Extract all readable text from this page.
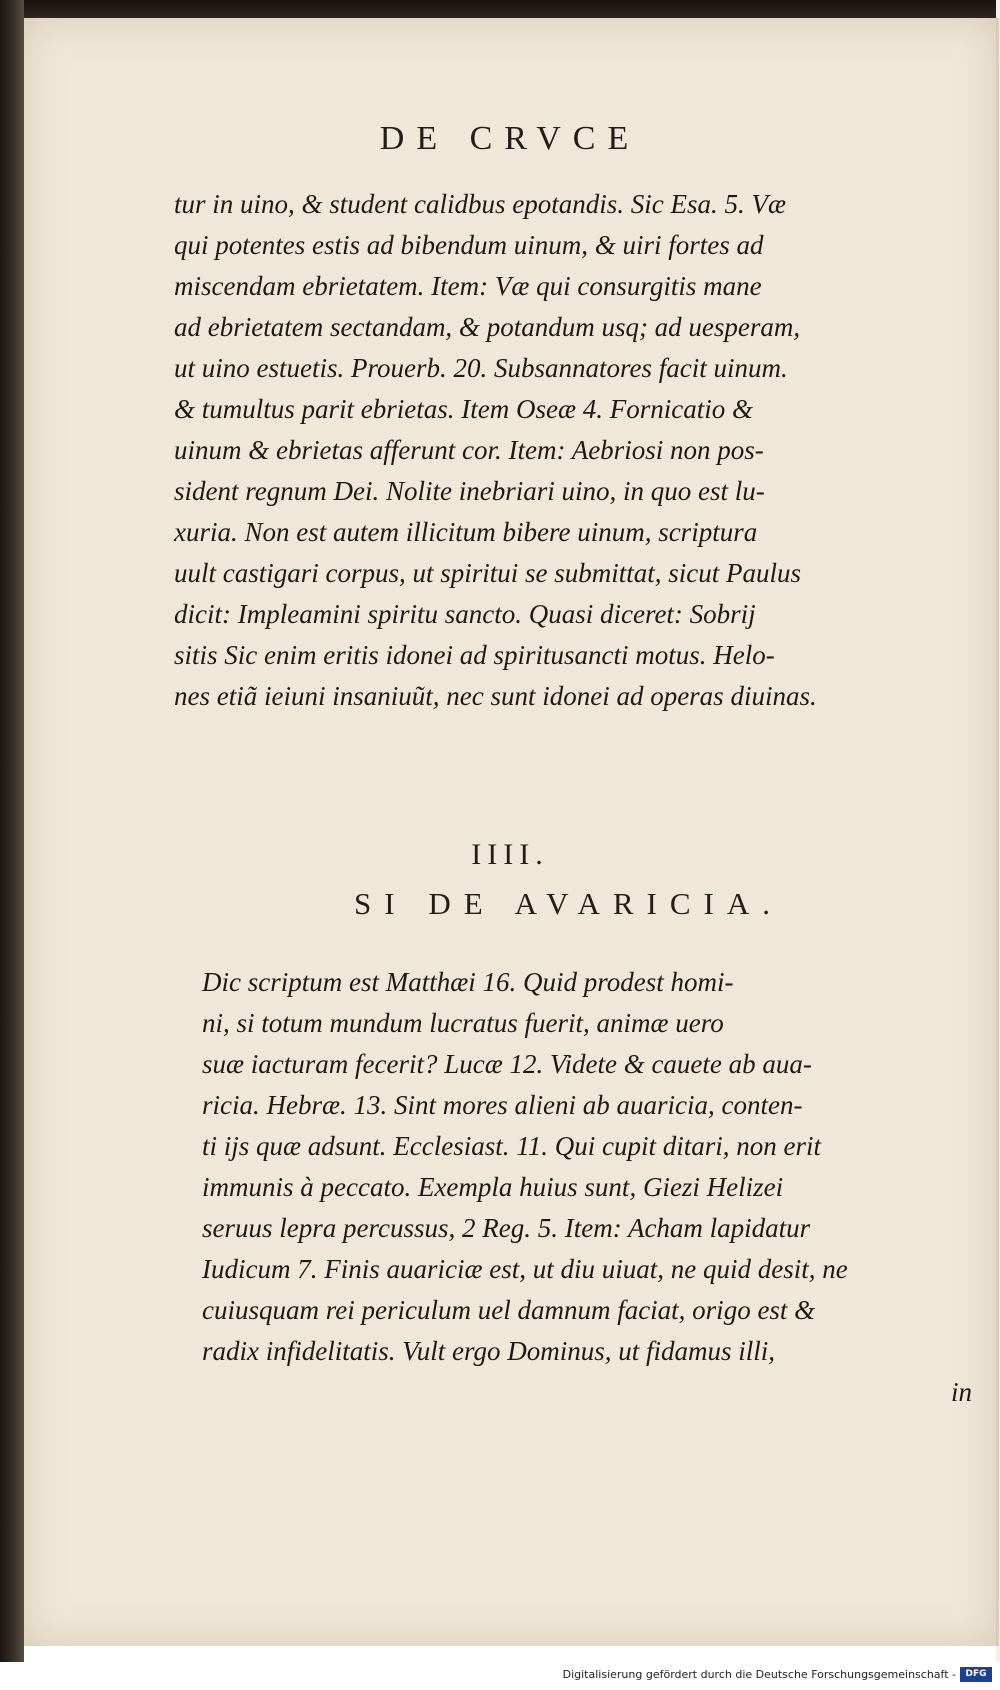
DE CRVCE
tur in uino, & student calidbus epotandis. Sic Esa. 5. Væ
qui potentes estis ad bibendum uinum, & uiri fortes ad
miscendam ebrietatem. Item: Væ qui consurgitis mane
ad ebrietatem sectandam, & potandum usq; ad uesperam,
ut uino estuetis. Prouerb. 20. Subsannatores facit uinum.
& tumultus parit ebrietas. Item Oseæ 4. Fornicatio &
uinum & ebrietas afferunt cor. Item: Aebriosi non pos-
sident regnum Dei. Nolite inebriari uino, in quo est lu-
xuria. Non est autem illicitum bibere uinum, scriptura
uult castigari corpus, ut spiritui se submittat, sicut Paulus
dicit: Impleamini spiritu sancto. Quasi diceret: Sobrij
sitis Sic enim eritis idonei ad spiritusancti motus. Helo-
nes etiã ieiuni insaniuũt, nec sunt idonei ad operas diuinas.
IIII.
SI DE AVARICIA.
Dic scriptum est Matthæi 16. Quid prodest homi-
ni, si totum mundum lucratus fuerit, animæ uero
suæ iacturam fecerit? Lucæ 12. Videte & cauete ab aua-
ricia. Hebræ. 13. Sint mores alieni ab auaricia, conten-
ti ijs quæ adsunt. Ecclesiast. 11. Qui cupit ditari, non erit
immunis à peccato. Exempla huius sunt, Giezi Helizei
seruus lepra percussus, 2 Reg. 5. Item: Acham lapidatur
Iudicum 7. Finis auariciæ est, ut diu uiuat, ne quid desit, ne
cuiusquam rei periculum uel damnum faciat, origo est &
radix infidelitatis. Vult ergo Dominus, ut fidamus illi,
in
Digitalisierung gefördert durch die Deutsche Forschungsgemeinschaft -	DFG
